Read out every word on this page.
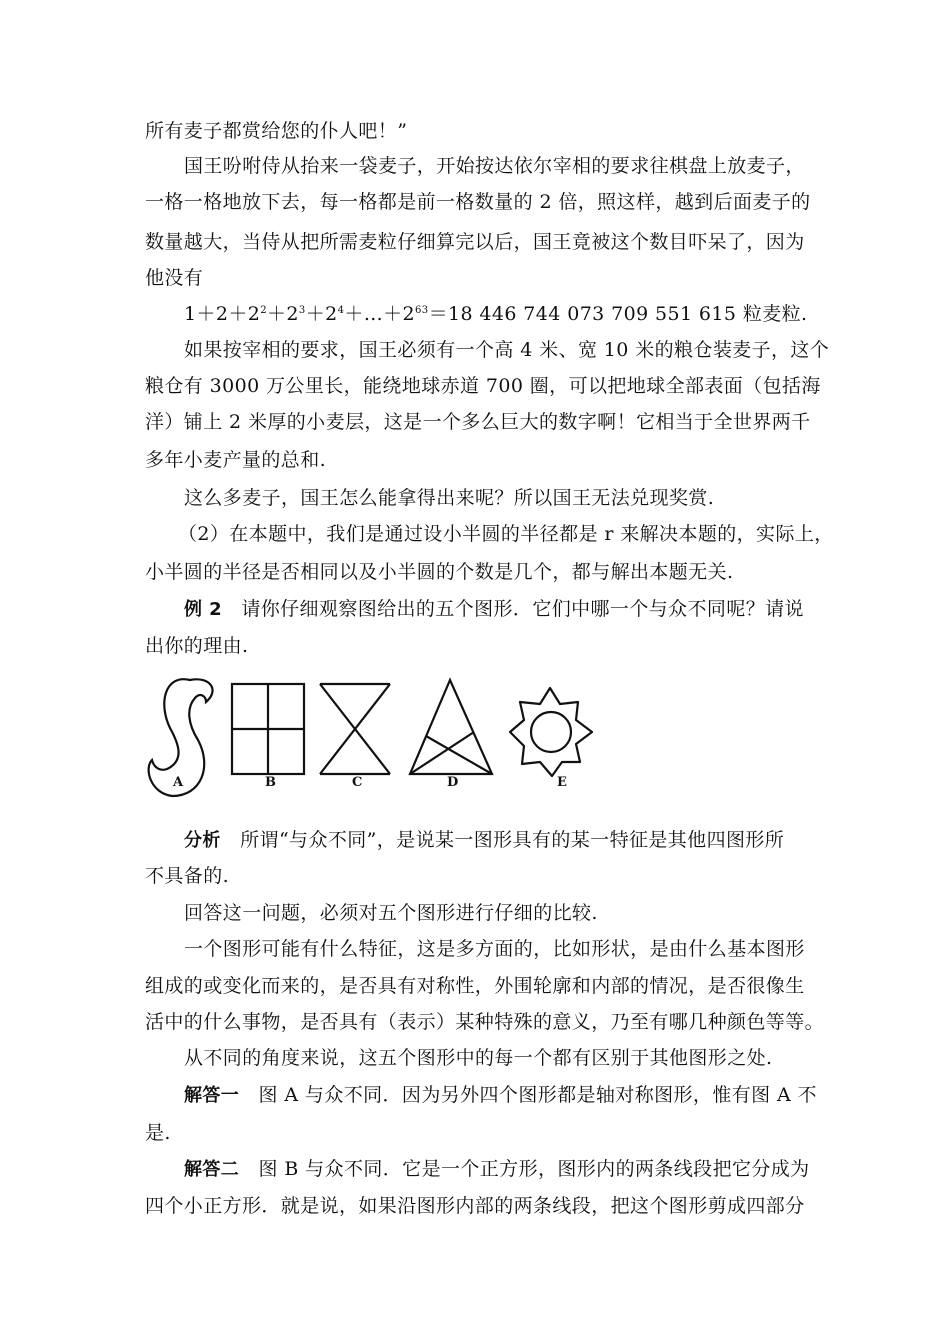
所有麦子都赏给您的仆人吧！”
国王吩咐侍从抬来一袋麦子，开始按达依尔宰相的要求往棋盘上放麦子，
一格一格地放下去，每一格都是前一格数量的 2 倍，照这样，越到后面麦子的
数量越大，当侍从把所需麦粒仔细算完以后，国王竟被这个数目吓呆了，因为
他没有
$1+2+2^2+2^3+2^4+\dots+2^{63}=18$ 446 744 073 709 551 615 粒麦粒.
如果按宰相的要求，国王必须有一个高 4 米、宽 10 米的粮仓装麦子，这个
粮仓有 3000 万公里长，能绕地球赤道 700 圈，可以把地球全部表面（包括海
洋）铺上 2 米厚的小麦层，这是一个多么巨大的数字啊！它相当于全世界两千
多年小麦产量的总和.
这么多麦子，国王怎么能拿得出来呢？所以国王无法兑现奖赏.
（2）在本题中，我们是通过设小半圆的半径都是 r 来解决本题的，实际上，
小半圆的半径是否相同以及小半圆的个数是几个，都与解出本题无关.
例 2 请你仔细观察图给出的五个图形．它们中哪一个与众不同呢？请说
出你的理由.
A	B	C	D	E
分析 所谓“与众不同”，是说某一图形具有的某一特征是其他四图形所
不具备的.
回答这一问题，必须对五个图形进行仔细的比较.
一个图形可能有什么特征，这是多方面的，比如形状，是由什么基本图形
组成的或变化而来的，是否具有对称性，外围轮廓和内部的情况，是否很像生
活中的什么事物，是否具有（表示）某种特殊的意义，乃至有哪几种颜色等等。
从不同的角度来说，这五个图形中的每一个都有区别于其他图形之处.
解答一 图 A 与众不同．因为另外四个图形都是轴对称图形，惟有图 A 不
是.
解答二 图 B 与众不同．它是一个正方形，图形内的两条线段把它分成为
四个小正方形．就是说，如果沿图形内部的两条线段，把这个图形剪成四部分
